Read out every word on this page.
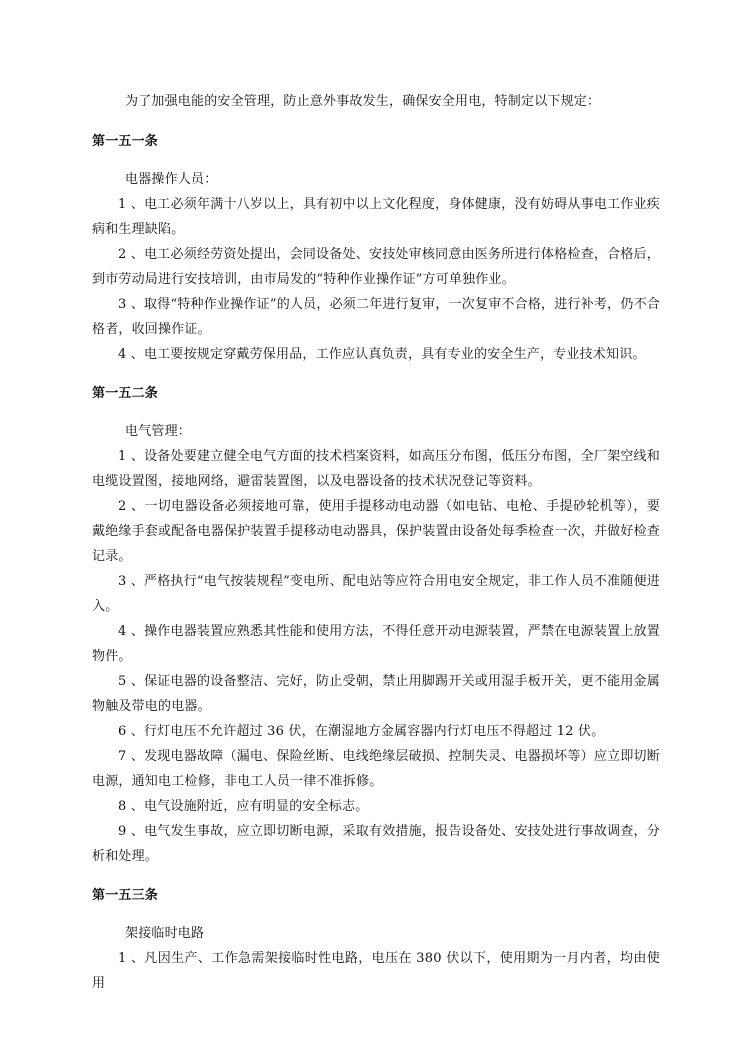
为了加强电能的安全管理，防止意外事故发生，确保安全用电，特制定以下规定：

第一五一条

电器操作人员：

1 、电工必须年满十八岁以上，具有初中以上文化程度，身体健康，没有妨碍从事电工作业疾病和生理缺陷。

2 、电工必须经劳资处提出，会同设备处、安技处审核同意由医务所进行体格检查，合格后，到市劳动局进行安技培训，由市局发的“特种作业操作证”方可单独作业。

3 、取得“特种作业操作证”的人员，必须二年进行复审，一次复审不合格，进行补考，仍不合格者，收回操作证。

4 、电工要按规定穿戴劳保用品，工作应认真负责，具有专业的安全生产，专业技术知识。

第一五二条

电气管理：

1 、设备处要建立健全电气方面的技术档案资料，如高压分布图，低压分布图，全厂架空线和电缆设置图，接地网络，避雷装置图，以及电器设备的技术状况登记等资料。

2 、一切电器设备必须接地可靠，使用手提移动电动器（如电钻、电枪、手提砂轮机等），要戴绝缘手套或配备电器保护装置手提移动电动器具，保护装置由设备处每季检查一次，并做好检查记录。

3 、严格执行“电气按装规程”变电所、配电站等应符合用电安全规定，非工作人员不准随便进入。

4 、操作电器装置应熟悉其性能和使用方法，不得任意开动电源装置，严禁在电源装置上放置物件。

5 、保证电器的设备整洁、完好，防止受朝，禁止用脚踢开关或用湿手板开关，更不能用金属物触及带电的电器。

6 、行灯电压不允许超过 36 伏，在潮湿地方金属容器内行灯电压不得超过 12 伏。

7 、发现电器故障（漏电、保险丝断、电线绝缘层破损、控制失灵、电器损坏等）应立即切断电源，通知电工检修，非电工人员一律不准拆修。

8 、电气设施附近，应有明显的安全标志。

9 、电气发生事故，应立即切断电源，采取有效措施，报告设备处、安技处进行事故调查，分析和处理。

第一五三条

架接临时电路

1 、凡因生产、工作急需架接临时性电路，电压在 380 伏以下，使用期为一月内者，均由使用
